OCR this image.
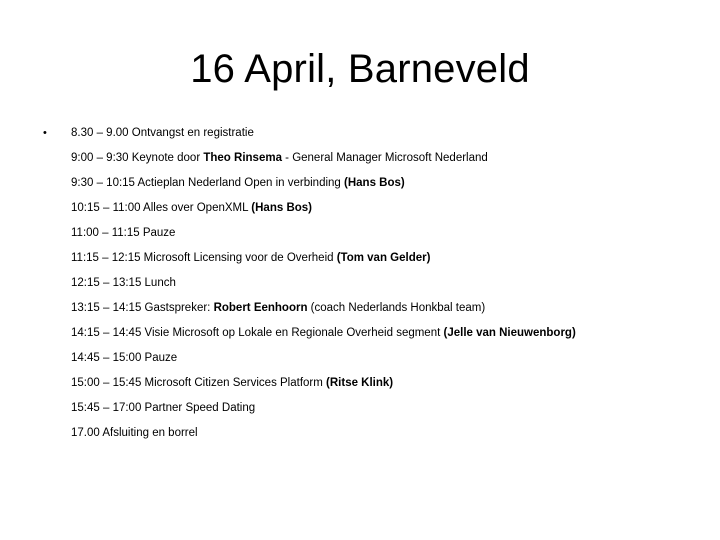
16 April, Barneveld
• 8.30 – 9.00 Ontvangst en registratie
9:00 – 9:30 Keynote door Theo Rinsema - General Manager Microsoft Nederland
9:30 – 10:15 Actieplan Nederland Open in verbinding (Hans Bos)
10:15 – 11:00 Alles over OpenXML (Hans Bos)
11:00 – 11:15 Pauze
11:15 – 12:15 Microsoft Licensing voor de Overheid (Tom van Gelder)
12:15 – 13:15 Lunch
13:15 – 14:15 Gastspreker: Robert Eenhoorn (coach Nederlands Honkbal team)
14:15 – 14:45 Visie Microsoft op Lokale en Regionale Overheid segment (Jelle van Nieuwenborg)
14:45 – 15:00 Pauze
15:00 – 15:45 Microsoft Citizen Services Platform (Ritse Klink)
15:45 – 17:00 Partner Speed Dating
17.00 Afsluiting en borrel
